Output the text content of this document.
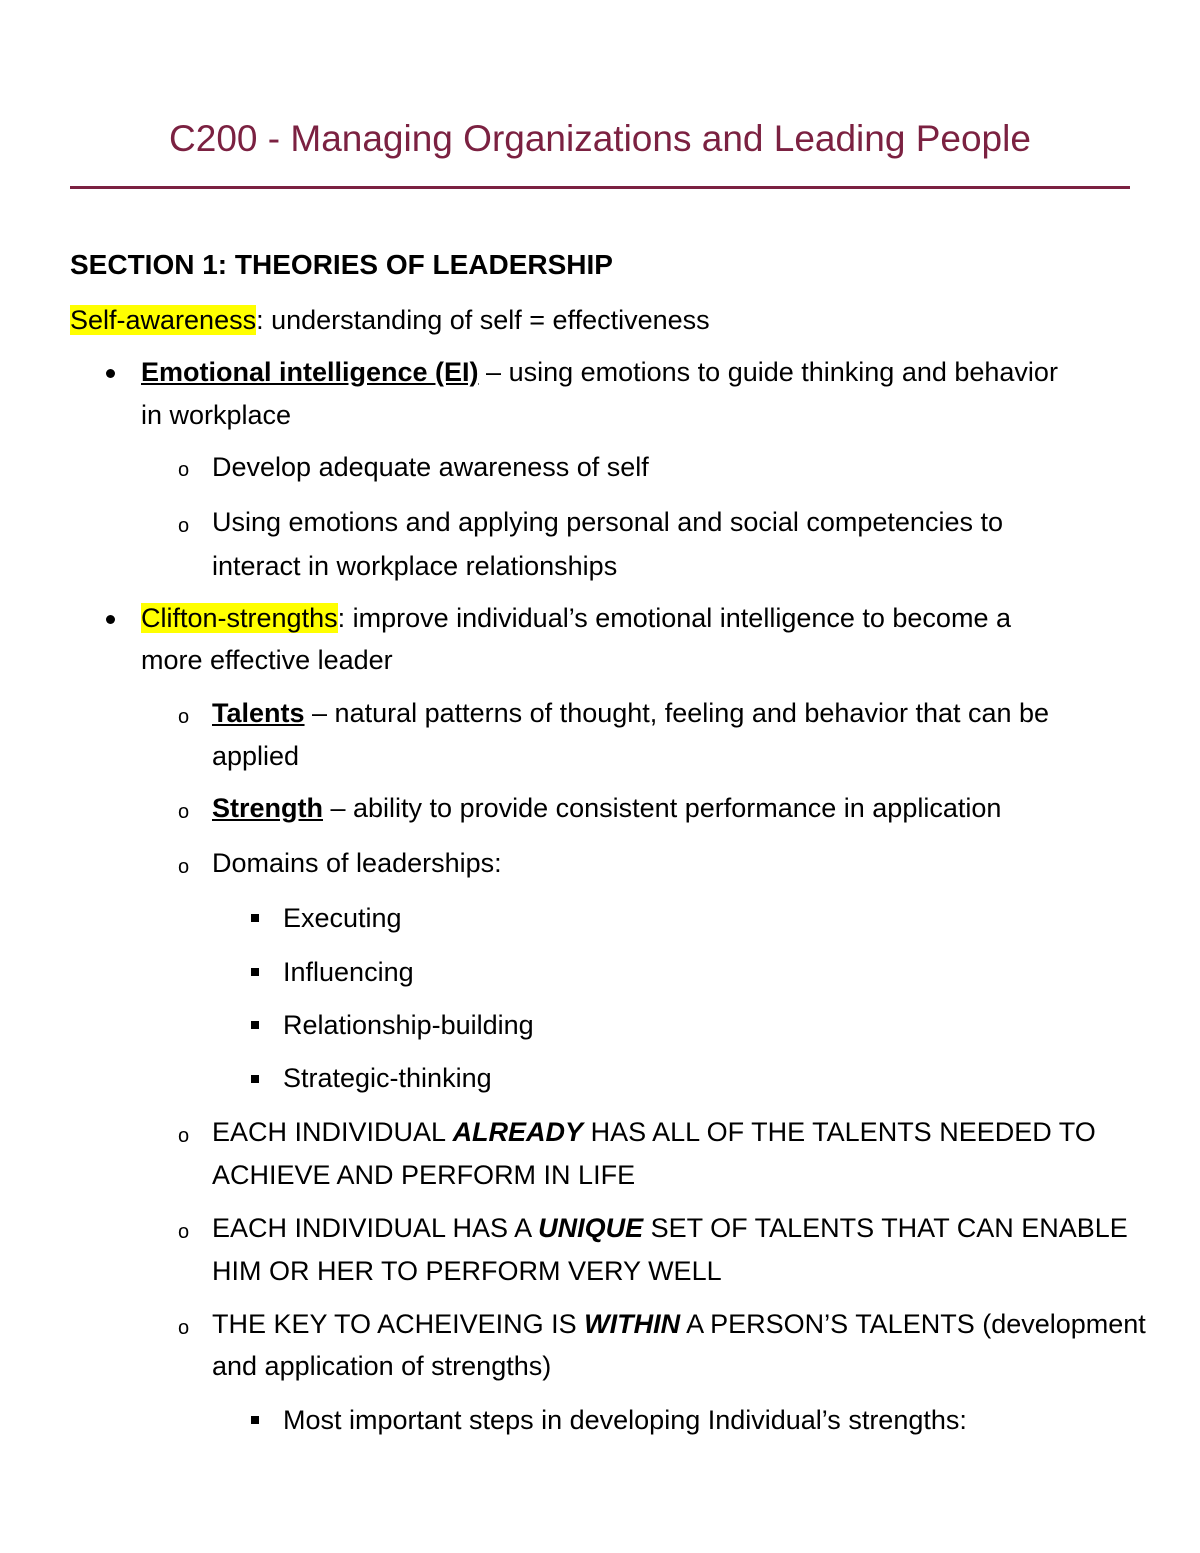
C200 - Managing Organizations and Leading People
SECTION 1: THEORIES OF LEADERSHIP
Self-awareness: understanding of self = effectiveness
Emotional intelligence (EI) – using emotions to guide thinking and behavior
in workplace
o Develop adequate awareness of self
o Using emotions and applying personal and social competencies to
interact in workplace relationships
Clifton-strengths: improve individual’s emotional intelligence to become a
more effective leader
o Talents – natural patterns of thought, feeling and behavior that can be
applied
o Strength – ability to provide consistent performance in application
o Domains of leaderships:
Executing
Influencing
Relationship-building
Strategic-thinking
o EACH INDIVIDUAL ALREADY HAS ALL OF THE TALENTS NEEDED TO
ACHIEVE AND PERFORM IN LIFE
o EACH INDIVIDUAL HAS A UNIQUE SET OF TALENTS THAT CAN ENABLE
HIM OR HER TO PERFORM VERY WELL
o THE KEY TO ACHEIVEING IS WITHIN A PERSON’S TALENTS (development
and application of strengths)
Most important steps in developing Individual’s strengths:
